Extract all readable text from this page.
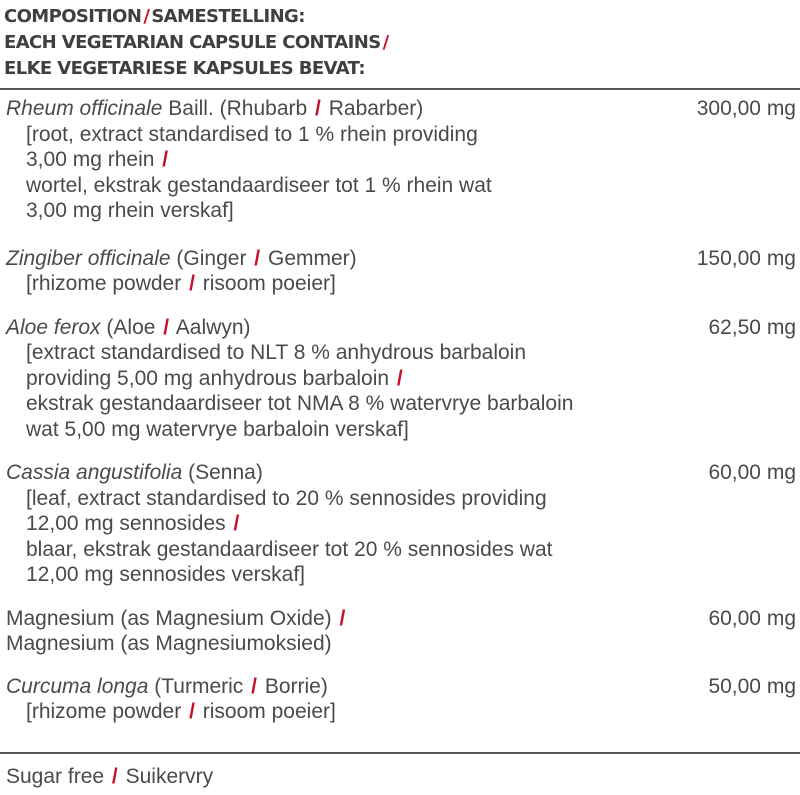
COMPOSITION / SAMESTELLING:
EACH VEGETARIAN CAPSULE CONTAINS /
ELKE VEGETARIESE KAPSULES BEVAT:
Rheum officinale Baill. (Rhubarb / Rabarber)
[root, extract standardised to 1 % rhein providing
3,00 mg rhein /
wortel, ekstrak gestandaardiseer tot 1 % rhein wat
3,00 mg rhein verskaf]
300,00 mg
Zingiber officinale (Ginger / Gemmer)
[rhizome powder / risoom poeier]
150,00 mg
Aloe ferox (Aloe / Aalwyn)
[extract standardised to NLT 8 % anhydrous barbaloin
providing 5,00 mg anhydrous barbaloin /
ekstrak gestandaardiseer tot NMA 8 % watervrye barbaloin
wat 5,00 mg watervrye barbaloin verskaf]
62,50 mg
Cassia angustifolia (Senna)
[leaf, extract standardised to 20 % sennosides providing
12,00 mg sennosides /
blaar, ekstrak gestandaardiseer tot 20 % sennosides wat
12,00 mg sennosides verskaf]
60,00 mg
Magnesium (as Magnesium Oxide) /
Magnesium (as Magnesiumoksied)
60,00 mg
Curcuma longa (Turmeric / Borrie)
[rhizome powder / risoom poeier]
50,00 mg
Sugar free / Suikervry
